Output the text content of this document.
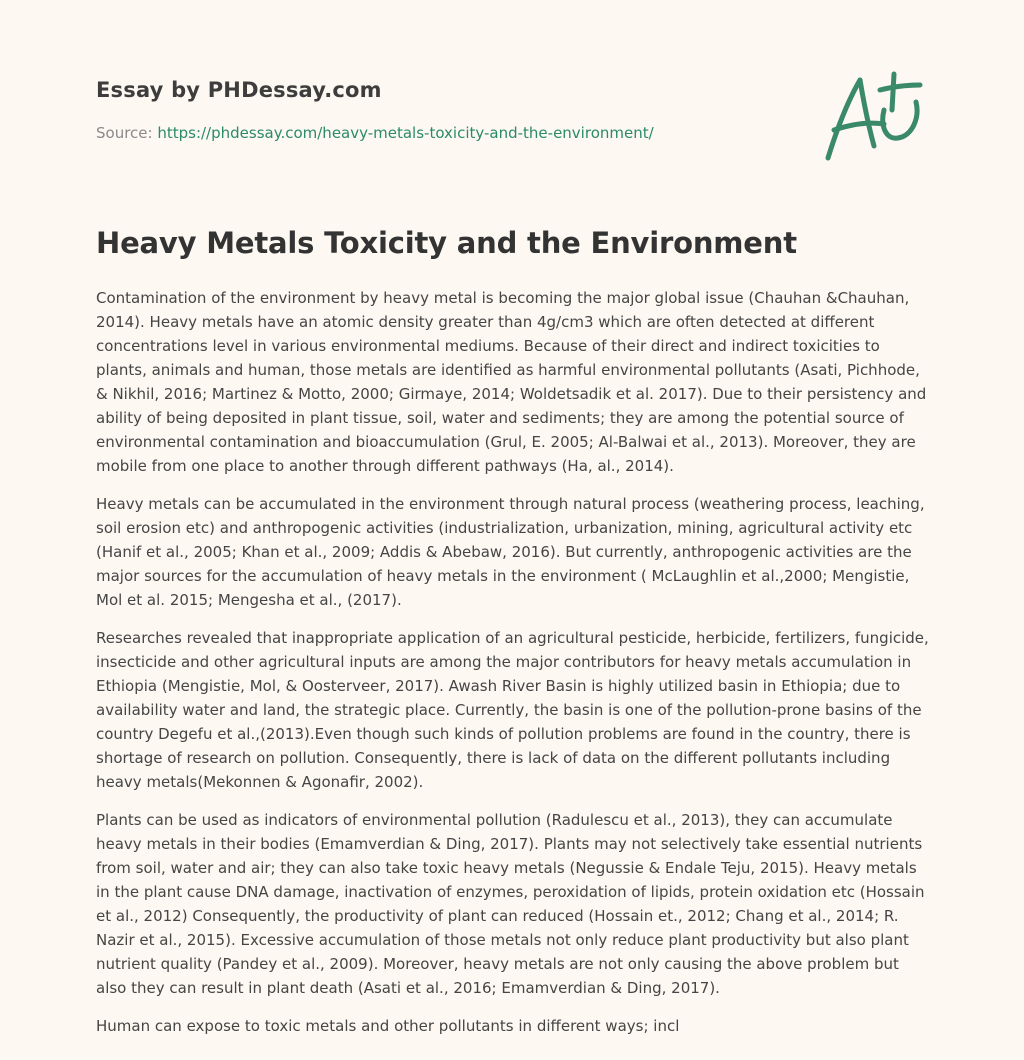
Essay by PHDessay.com
Source: https://phdessay.com/heavy-metals-toxicity-and-the-environment/
Heavy Metals Toxicity and the Environment

Contamination of the environment by heavy metal is becoming the major global issue (Chauhan &Chauhan, 2014). Heavy metals have an atomic density greater than 4g/cm3 which are often detected at different concentrations level in various environmental mediums. Because of their direct and indirect toxicities to plants, animals and human, those metals are identified as harmful environmental pollutants (Asati, Pichhode, & Nikhil, 2016; Martinez & Motto, 2000; Girmaye, 2014; Woldetsadik et al. 2017). Due to their persistency and ability of being deposited in plant tissue, soil, water and sediments; they are among the potential source of environmental contamination and bioaccumulation (Grul, E. 2005; Al-Balwai et al., 2013). Moreover, they are mobile from one place to another through different pathways (Ha, al., 2014).

Heavy metals can be accumulated in the environment through natural process (weathering process, leaching, soil erosion etc) and anthropogenic activities (industrialization, urbanization, mining, agricultural activity etc (Hanif et al., 2005; Khan et al., 2009; Addis & Abebaw, 2016). But currently, anthropogenic activities are the major sources for the accumulation of heavy metals in the environment ( McLaughlin et al.,2000; Mengistie, Mol et al. 2015; Mengesha et al., (2017).

Researches revealed that inappropriate application of an agricultural pesticide, herbicide, fertilizers, fungicide, insecticide and other agricultural inputs are among the major contributors for heavy metals accumulation in Ethiopia (Mengistie, Mol, & Oosterveer, 2017). Awash River Basin is highly utilized basin in Ethiopia; due to availability water and land, the strategic place. Currently, the basin is one of the pollution-prone basins of the country Degefu et al.,(2013).Even though such kinds of pollution problems are found in the country, there is shortage of research on pollution. Consequently, there is lack of data on the different pollutants including heavy metals(Mekonnen & Agonafir, 2002).

Plants can be used as indicators of environmental pollution (Radulescu et al., 2013), they can accumulate heavy metals in their bodies (Emamverdian & Ding, 2017). Plants may not selectively take essential nutrients from soil, water and air; they can also take toxic heavy metals (Negussie & Endale Teju, 2015). Heavy metals in the plant cause DNA damage, inactivation of enzymes, peroxidation of lipids, protein oxidation etc (Hossain et al., 2012) Consequently, the productivity of plant can reduced (Hossain et., 2012; Chang et al., 2014; R. Nazir et al., 2015). Excessive accumulation of those metals not only reduce plant productivity but also plant nutrient quality (Pandey et al., 2009). Moreover, heavy metals are not only causing the above problem but also they can result in plant death (Asati et al., 2016; Emamverdian & Ding, 2017).

Human can expose to toxic metals and other pollutants in different ways; incl
